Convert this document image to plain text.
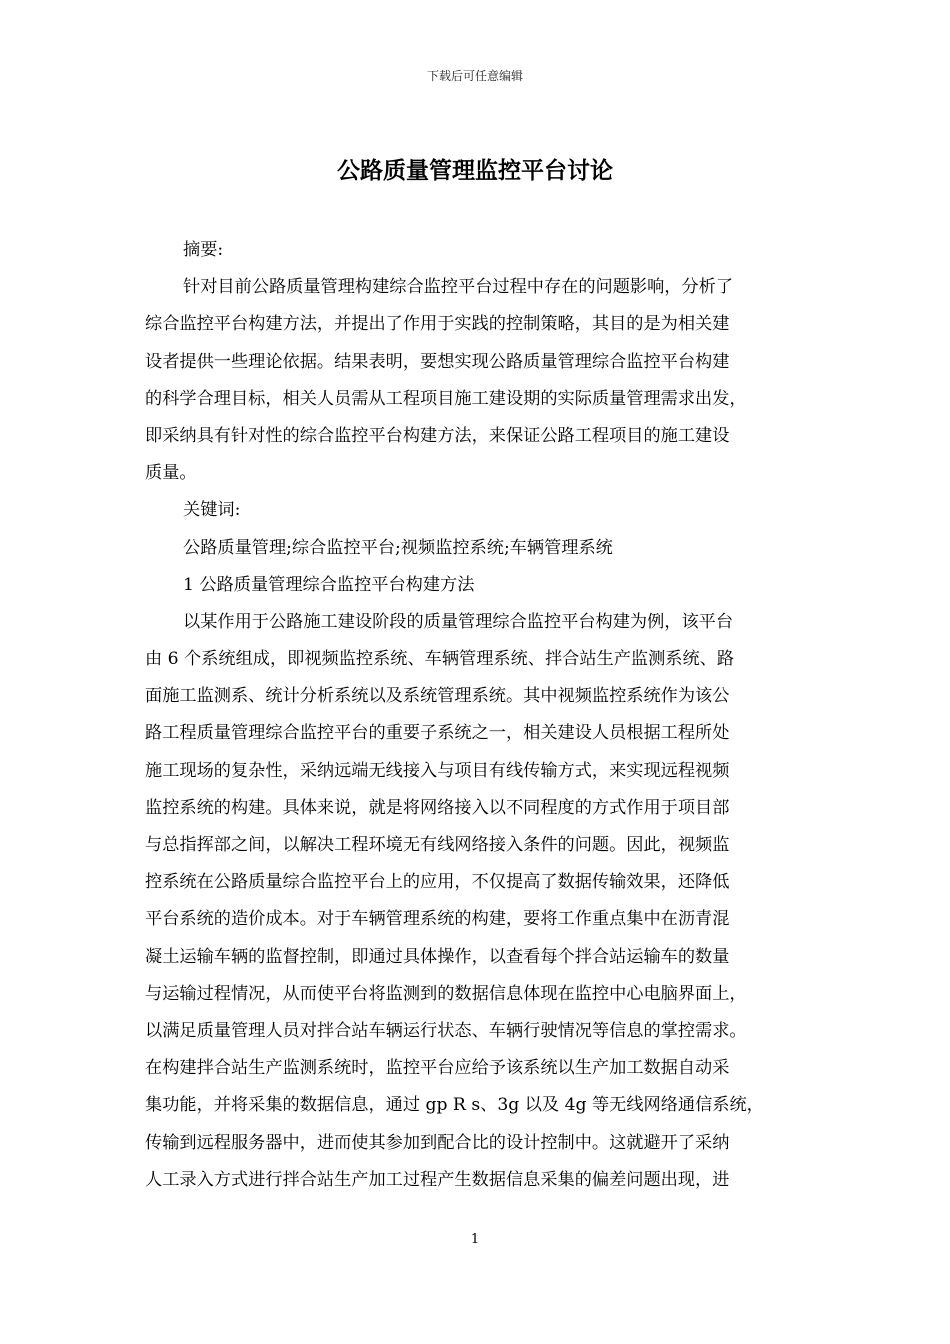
下载后可任意编辑
公路质量管理监控平台讨论
摘要:
针对目前公路质量管理构建综合监控平台过程中存在的问题影响，分析了
综合监控平台构建方法，并提出了作用于实践的控制策略，其目的是为相关建
设者提供一些理论依据。结果表明，要想实现公路质量管理综合监控平台构建
的科学合理目标，相关人员需从工程项目施工建设期的实际质量管理需求出发，
即采纳具有针对性的综合监控平台构建方法，来保证公路工程项目的施工建设
质量。
关键词:
公路质量管理;综合监控平台;视频监控系统;车辆管理系统
1 公路质量管理综合监控平台构建方法
以某作用于公路施工建设阶段的质量管理综合监控平台构建为例，该平台
由 6 个系统组成，即视频监控系统、车辆管理系统、拌合站生产监测系统、路
面施工监测系、统计分析系统以及系统管理系统。其中视频监控系统作为该公
路工程质量管理综合监控平台的重要子系统之一，相关建设人员根据工程所处
施工现场的复杂性，采纳远端无线接入与项目有线传输方式，来实现远程视频
监控系统的构建。具体来说，就是将网络接入以不同程度的方式作用于项目部
与总指挥部之间，以解决工程环境无有线网络接入条件的问题。因此，视频监
控系统在公路质量综合监控平台上的应用，不仅提高了数据传输效果，还降低
平台系统的造价成本。对于车辆管理系统的构建，要将工作重点集中在沥青混
凝土运输车辆的监督控制，即通过具体操作，以查看每个拌合站运输车的数量
与运输过程情况，从而使平台将监测到的数据信息体现在监控中心电脑界面上，
以满足质量管理人员对拌合站车辆运行状态、车辆行驶情况等信息的掌控需求。
在构建拌合站生产监测系统时，监控平台应给予该系统以生产加工数据自动采
集功能，并将采集的数据信息，通过 gp R s、3g 以及 4g 等无线网络通信系统，
传输到远程服务器中，进而使其参加到配合比的设计控制中。这就避开了采纳
人工录入方式进行拌合站生产加工过程产生数据信息采集的偏差问题出现，进
1
